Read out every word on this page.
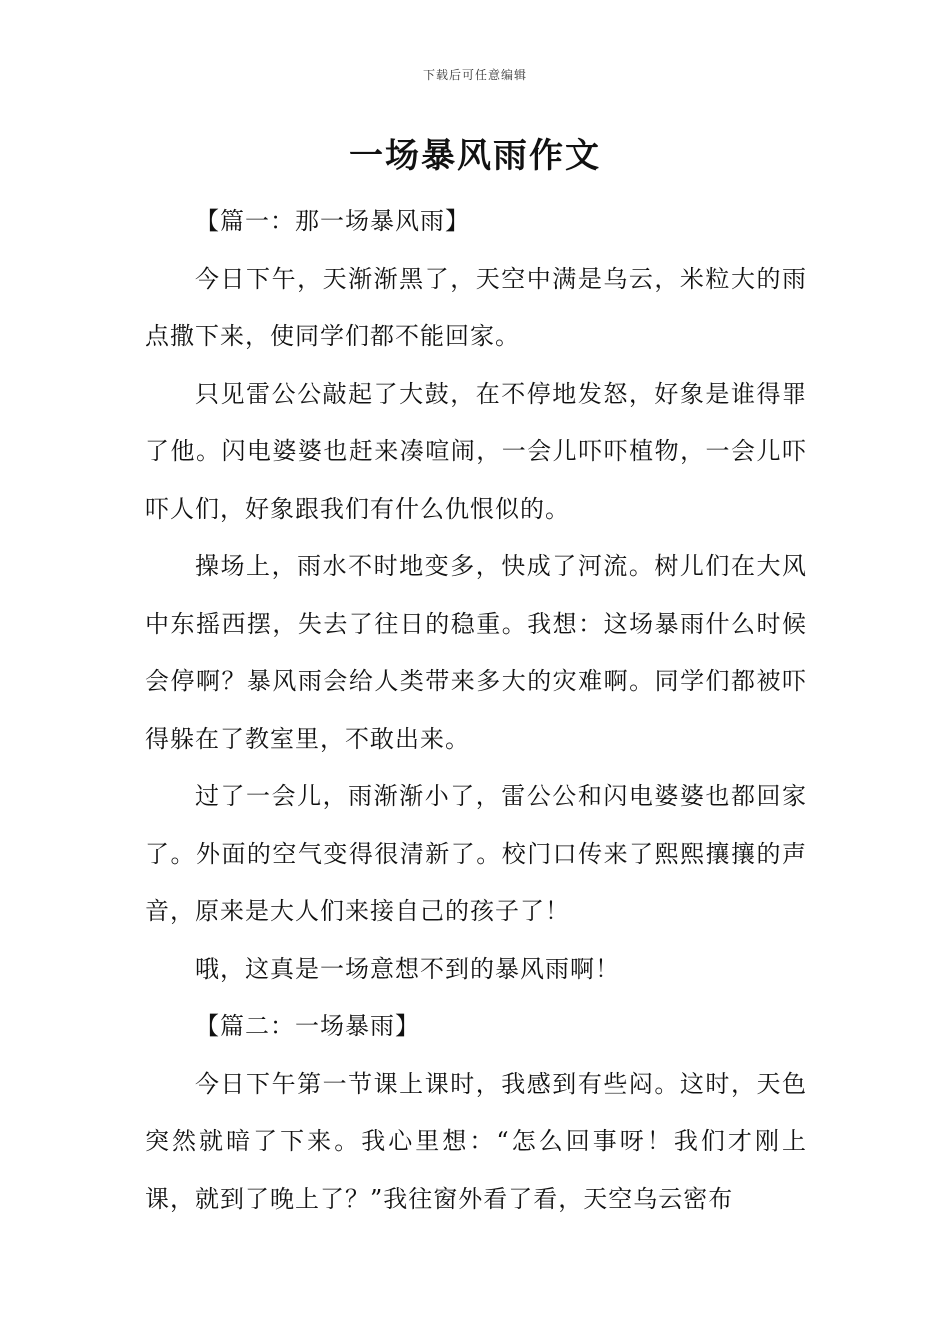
下载后可任意编辑
一场暴风雨作文

【篇一：那一场暴风雨】

今日下午，天渐渐黑了，天空中满是乌云，米粒大的雨点撒下来，使同学们都不能回家。

只见雷公公敲起了大鼓，在不停地发怒，好象是谁得罪了他。闪电婆婆也赶来凑喧闹，一会儿吓吓植物，一会儿吓吓人们，好象跟我们有什么仇恨似的。

操场上，雨水不时地变多，快成了河流。树儿们在大风中东摇西摆，失去了往日的稳重。我想：这场暴雨什么时候会停啊？暴风雨会给人类带来多大的灾难啊。同学们都被吓得躲在了教室里，不敢出来。

过了一会儿，雨渐渐小了，雷公公和闪电婆婆也都回家了。外面的空气变得很清新了。校门口传来了熙熙攘攘的声音，原来是大人们来接自己的孩子了！

哦，这真是一场意想不到的暴风雨啊！

【篇二：一场暴雨】

今日下午第一节课上课时，我感到有些闷。这时，天色突然就暗了下来。我心里想：“怎么回事呀！我们才刚上课，就到了晚上了？”我往窗外看了看，天空乌云密布
